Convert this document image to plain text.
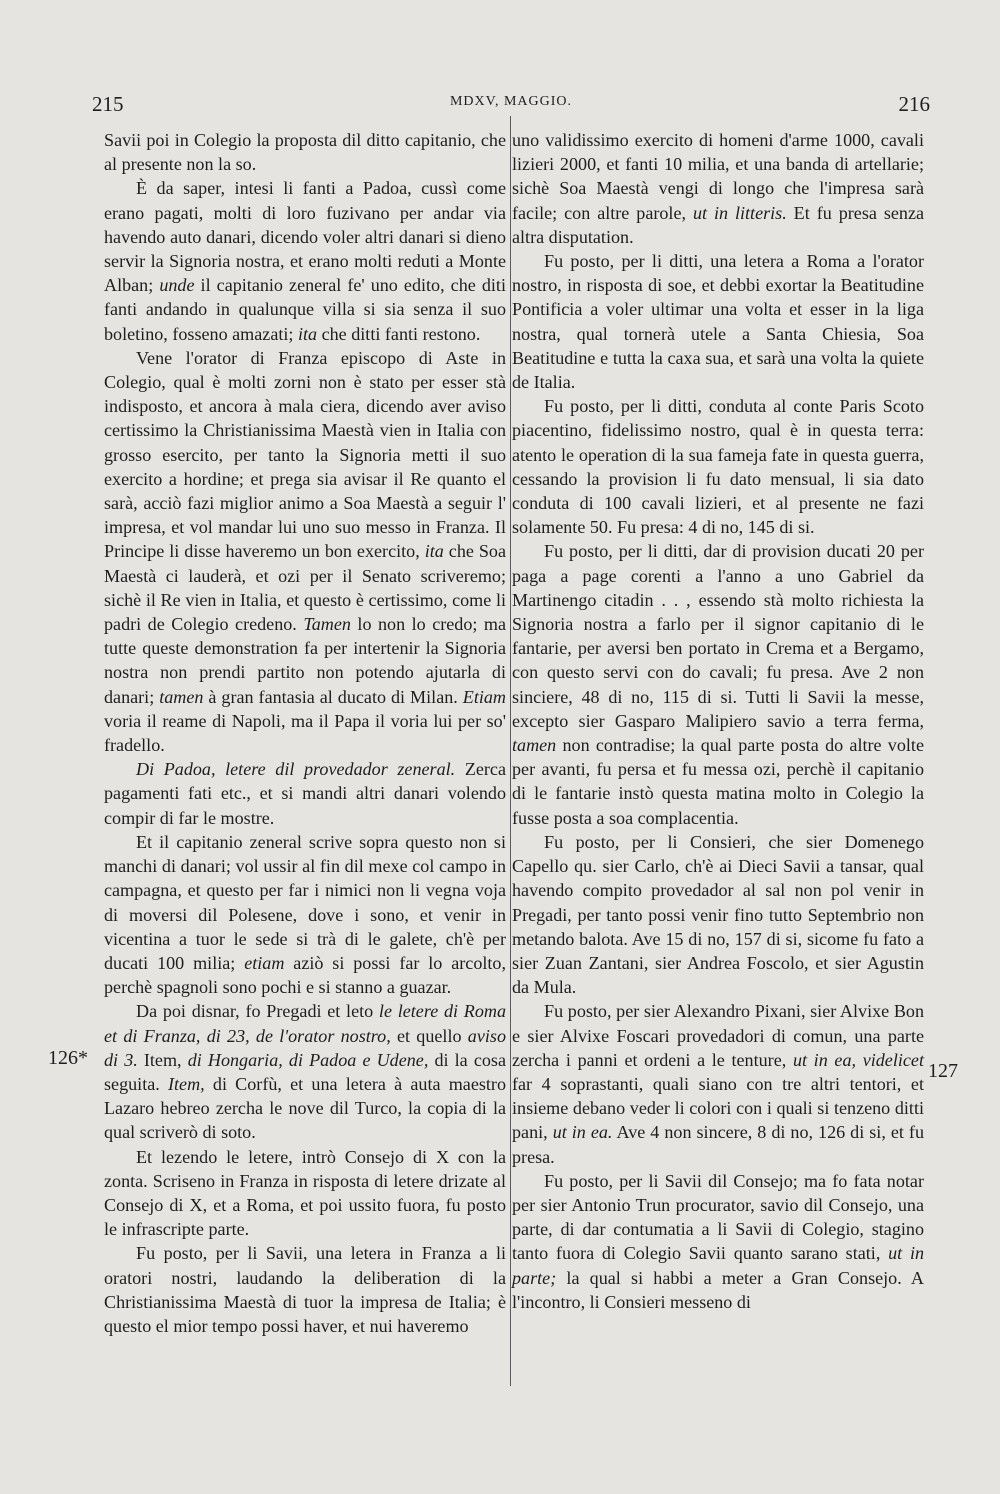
215	MDXV, MAGGIO.	216
126*
127

Savii poi in Colegio la proposta dil ditto capitanio, che al presente non la so.

È da saper, intesi li fanti a Padoa, cussì come erano pagati, molti di loro fuzivano per andar via havendo auto danari, dicendo voler altri danari si dieno servir la Signoria nostra, et erano molti reduti a Monte Alban; unde il capitanio zeneral fe' uno edito, che diti fanti andando in qualunque villa si sia senza il suo boletino, fosseno amazati; ita che ditti fanti restono.

Vene l'orator di Franza episcopo di Aste in Colegio, qual è molti zorni non è stato per esser stà indisposto, et ancora à mala ciera, dicendo aver aviso certissimo la Christianissima Maestà vien in Italia con grosso esercito, per tanto la Signoria metti il suo exercito a hordine; et prega sia avisar il Re quanto el sarà, acciò fazi miglior animo a Soa Maestà a seguir l' impresa, et vol mandar lui uno suo messo in Franza. Il Principe li disse haveremo un bon exercito, ita che Soa Maestà ci lauderà, et ozi per il Senato scriveremo; sichè il Re vien in Italia, et questo è certissimo, come li padri de Colegio credeno. Tamen lo non lo credo; ma tutte queste demonstration fa per intertenir la Signoria nostra non prendi partito non potendo ajutarla di danari; tamen à gran fantasia al ducato di Milan. Etiam voria il reame di Napoli, ma il Papa il voria lui per so' fradello.

Di Padoa, letere dil provedador zeneral. Zerca pagamenti fati etc., et si mandi altri danari volendo compir di far le mostre.

Et il capitanio zeneral scrive sopra questo non si manchi di danari; vol ussir al fin dil mexe col campo in campagna, et questo per far i nimici non li vegna voja di moversi dil Polesene, dove i sono, et venir in vicentina a tuor le sede si trà di le galete, ch'è per ducati 100 milia; etiam aziò si possi far lo arcolto, perchè spagnoli sono pochi e si stanno a guazar.

Da poi disnar, fo Pregadi et leto le letere di Roma et di Franza, di 23, de l'orator nostro, et quello aviso di 3. Item, di Hongaria, di Padoa e Udene, di la cosa seguita. Item, di Corfù, et una letera à auta maestro Lazaro hebreo zercha le nove dil Turco, la copia di la qual scriverò di soto.

Et lezendo le letere, intrò Consejo di X con la zonta. Scriseno in Franza in risposta di letere drizate al Consejo di X, et a Roma, et poi ussito fuora, fu posto le infrascripte parte.

Fu posto, per li Savii, una letera in Franza a li oratori nostri, laudando la deliberation di la Christianissima Maestà di tuor la impresa de Italia; è questo el mior tempo possi haver, et nui haveremo

uno validissimo exercito di homeni d'arme 1000, cavali lizieri 2000, et fanti 10 milia, et una banda di artellarie; sichè Soa Maestà vengi di longo che l'impresa sarà facile; con altre parole, ut in litteris. Et fu presa senza altra disputation.

Fu posto, per li ditti, una letera a Roma a l'orator nostro, in risposta di soe, et debbi exortar la Beatitudine Pontificia a voler ultimar una volta et esser in la liga nostra, qual tornerà utele a Santa Chiesia, Soa Beatitudine e tutta la caxa sua, et sarà una volta la quiete de Italia.

Fu posto, per li ditti, conduta al conte Paris Scoto piacentino, fidelissimo nostro, qual è in questa terra: atento le operation di la sua fameja fate in questa guerra, cessando la provision li fu dato mensual, li sia dato conduta di 100 cavali lizieri, et al presente ne fazi solamente 50. Fu presa: 4 di no, 145 di si.

Fu posto, per li ditti, dar di provision ducati 20 per paga a page corenti a l'anno a uno Gabriel da Martinengo citadin . . , essendo stà molto richiesta la Signoria nostra a farlo per il signor capitanio di le fantarie, per aversi ben portato in Crema et a Bergamo, con questo servi con do cavali; fu presa. Ave 2 non sinciere, 48 di no, 115 di si. Tutti li Savii la messe, excepto sier Gasparo Malipiero savio a terra ferma, tamen non contradise; la qual parte posta do altre volte per avanti, fu persa et fu messa ozi, perchè il capitanio di le fantarie instò questa matina molto in Colegio la fusse posta a soa complacentia.

Fu posto, per li Consieri, che sier Domenego Capello qu. sier Carlo, ch'è ai Dieci Savii a tansar, qual havendo compito provedador al sal non pol venir in Pregadi, per tanto possi venir fino tutto Septembrio non metando balota. Ave 15 di no, 157 di si, sicome fu fato a sier Zuan Zantani, sier Andrea Foscolo, et sier Agustin da Mula.

Fu posto, per sier Alexandro Pixani, sier Alvixe Bon e sier Alvixe Foscari provedadori di comun, una parte zercha i panni et ordeni a le tenture, ut in ea, videlicet far 4 soprastanti, quali siano con tre altri tentori, et insieme debano veder li colori con i quali si tenzeno ditti pani, ut in ea. Ave 4 non sincere, 8 di no, 126 di si, et fu presa.

Fu posto, per li Savii dil Consejo; ma fo fata notar per sier Antonio Trun procurator, savio dil Consejo, una parte, di dar contumatia a li Savii di Colegio, stagino tanto fuora di Colegio Savii quanto sarano stati, ut in parte; la qual si habbi a meter a Gran Consejo. A l'incontro, li Consieri messeno di
